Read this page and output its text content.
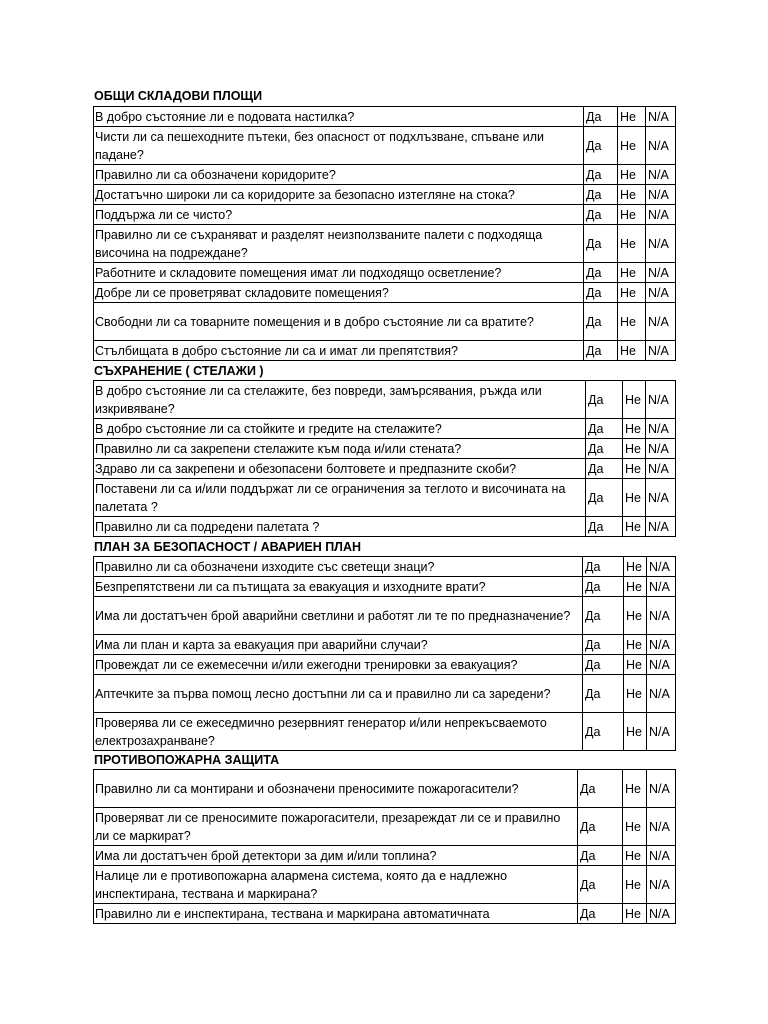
ОБЩИ СКЛАДОВИ ПЛОЩИ
В добро състояние ли е подовата настилка?	Да	Не	N/A
Чисти ли са пешеходните пътеки, без опасност от подхлъзване, спъване или падане?	Да	Не	N/A
Правилно ли са обозначени коридорите?	Да	Не	N/A
Достатъчно широки ли са коридорите за безопасно изтегляне на стока?	Да	Не	N/A
Поддържа ли се чисто?	Да	Не	N/A
Правилно ли се съхраняват и разделят неизползваните палети с подходяща височина на подреждане?	Да	Не	N/A
Работните и складовите помещения имат ли подходящо осветление?	Да	Не	N/A
Добре ли се проветряват складовите помещения?	Да	Не	N/A
Свободни ли са товарните помещения и в добро състояние ли са вратите?	Да	Не	N/A
Стълбищата в добро състояние ли са и имат ли препятствия?	Да	Не	N/A
СЪХРАНЕНИЕ ( СТЕЛАЖИ )
В добро състояние ли са стелажите, без повреди, замърсявания, ръжда или изкривяване?	Да	Не	N/A
В добро състояние ли са стойките и гредите на стелажите?	Да	Не	N/A
Правилно ли са закрепени стелажите към пода и/или стената?	Да	Не	N/A
Здраво ли са закрепени и обезопасени болтовете и предпазните скоби?	Да	Не	N/A
Поставени ли са и/или поддържат ли се ограничения за теглото и височината на палетата ?	Да	Не	N/A
Правилно ли са подредени палетата ?	Да	Не	N/A
ПЛАН ЗА БЕЗОПАСНОСТ / АВАРИЕН ПЛАН
Правилно ли са обозначени изходите със светещи знаци?	Да	Не	N/A
Безпрепятствени ли са пътищата за евакуация и изходните врати?	Да	Не	N/A
Има ли достатъчен брой аварийни светлини и работят ли те по предназначение?	Да	Не	N/A
Има ли план и карта за евакуация при аварийни случаи?	Да	Не	N/A
Провеждат ли се ежемесечни и/или ежегодни тренировки за евакуация?	Да	Не	N/A
Аптечките за първа помощ лесно достъпни ли са и правилно ли са заредени?	Да	Не	N/A
Проверява ли се ежеседмично резервният генератор и/или непрекъсваемото електрозахранване?	Да	Не	N/A
ПРОТИВОПОЖАРНА ЗАЩИТА
Правилно ли са монтирани и обозначени преносимите пожарогасители?	Да	Не	N/A
Проверяват ли се преносимите пожарогасители, презареждат ли се и правилно ли се маркират?	Да	Не	N/A
Има ли достатъчен брой детектори за дим и/или топлина?	Да	Не	N/A
Налице ли е противопожарна алармена система, която да е надлежно инспектирана, тествана и маркирана?	Да	Не	N/A
Правилно ли е инспектирана, тествана и маркирана автоматичната	Да	Не	N/A
